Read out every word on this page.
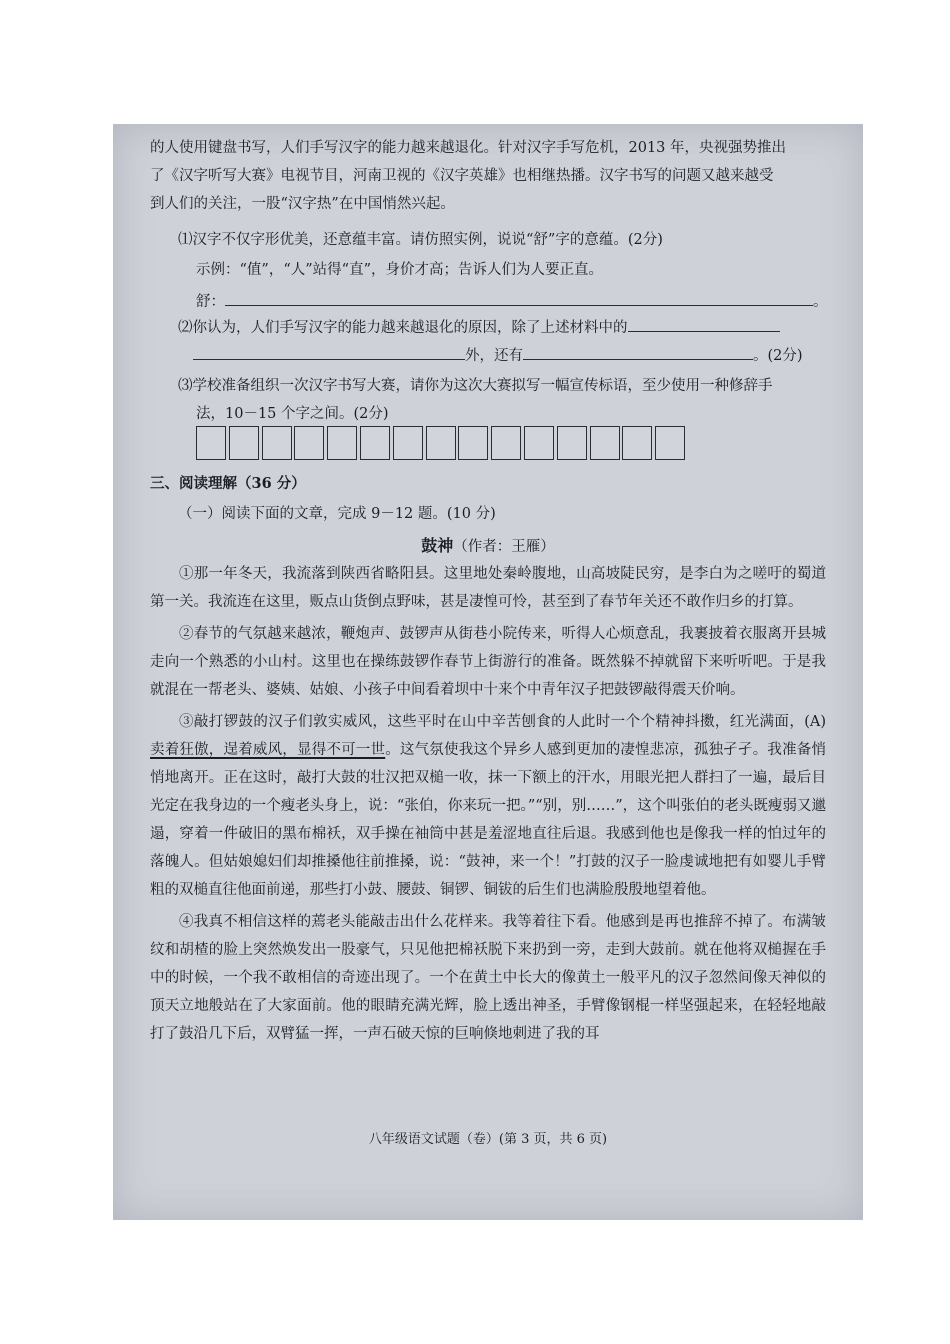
的人使用键盘书写，人们手写汉字的能力越来越退化。针对汉字手写危机，2013 年，央视强势推出

了《汉字听写大赛》电视节目，河南卫视的《汉字英雄》也相继热播。汉字书写的问题又越来越受

到人们的关注，一股“汉字热”在中国悄然兴起。

⑴汉字不仅字形优美，还意蕴丰富。请仿照实例，说说“舒”字的意蕴。(2分)
示例：“值”，“人”站得“直”，身价才高；告诉人们为人要正直。
舒：	。
⑵你认为，人们手写汉字的能力越来越退化的原因，除了上述材料中的
外，还有	。(2分)
⑶学校准备组织一次汉字书写大赛，请你为这次大赛拟写一幅宣传标语，至少使用一种修辞手
法，10－15 个字之间。(2分)
三、阅读理解（36 分）
（一）阅读下面的文章，完成 9－12 题。(10 分)
鼓神（作者：王雁）

①那一年冬天，我流落到陕西省略阳县。这里地处秦岭腹地，山高坡陡民穷，是李白为之嗟吁的蜀道第一关。我流连在这里，贩点山货倒点野味，甚是凄惶可怜，甚至到了春节年关还不敢作归乡的打算。

②春节的气氛越来越浓，鞭炮声、鼓锣声从街巷小院传来，听得人心烦意乱，我裹披着衣服离开县城走向一个熟悉的小山村。这里也在操练鼓锣作春节上街游行的准备。既然躲不掉就留下来听听吧。于是我就混在一帮老头、婆姨、姑娘、小孩子中间看着坝中十来个中青年汉子把鼓锣敲得震天价响。

③敲打锣鼓的汉子们敦实威风，这些平时在山中辛苦刨食的人此时一个个精神抖擞，红光满面，(A) 卖着狂傲，逞着威风，显得不可一世。这气氛使我这个异乡人感到更加的凄惶悲凉，孤独孑孑。我准备悄悄地离开。正在这时，敲打大鼓的壮汉把双槌一收，抹一下额上的汗水，用眼光把人群扫了一遍，最后目光定在我身边的一个瘦老头身上，说：“张伯，你来玩一把。”“别，别……”，这个叫张伯的老头既瘦弱又邋遢，穿着一件破旧的黑布棉袄，双手操在袖筒中甚是羞涩地直往后退。我感到他也是像我一样的怕过年的落魄人。但姑娘媳妇们却推搡他往前推搡，说：“鼓神，来一个！”打鼓的汉子一脸虔诚地把有如婴儿手臂粗的双槌直往他面前递，那些打小鼓、腰鼓、铜锣、铜钹的后生们也满脸殷殷地望着他。

④我真不相信这样的蔫老头能敲击出什么花样来。我等着往下看。他感到是再也推辞不掉了。布满皱纹和胡楂的脸上突然焕发出一股豪气，只见他把棉袄脱下来扔到一旁，走到大鼓前。就在他将双槌握在手中的时候，一个我不敢相信的奇迹出现了。一个在黄土中长大的像黄土一般平凡的汉子忽然间像天神似的顶天立地般站在了大家面前。他的眼睛充满光辉，脸上透出神圣，手臂像钢棍一样坚强起来，在轻轻地敲打了鼓沿几下后，双臂猛一挥，一声石破天惊的巨响倏地刺进了我的耳

八年级语文试题（卷）(第 3 页，共 6 页)
